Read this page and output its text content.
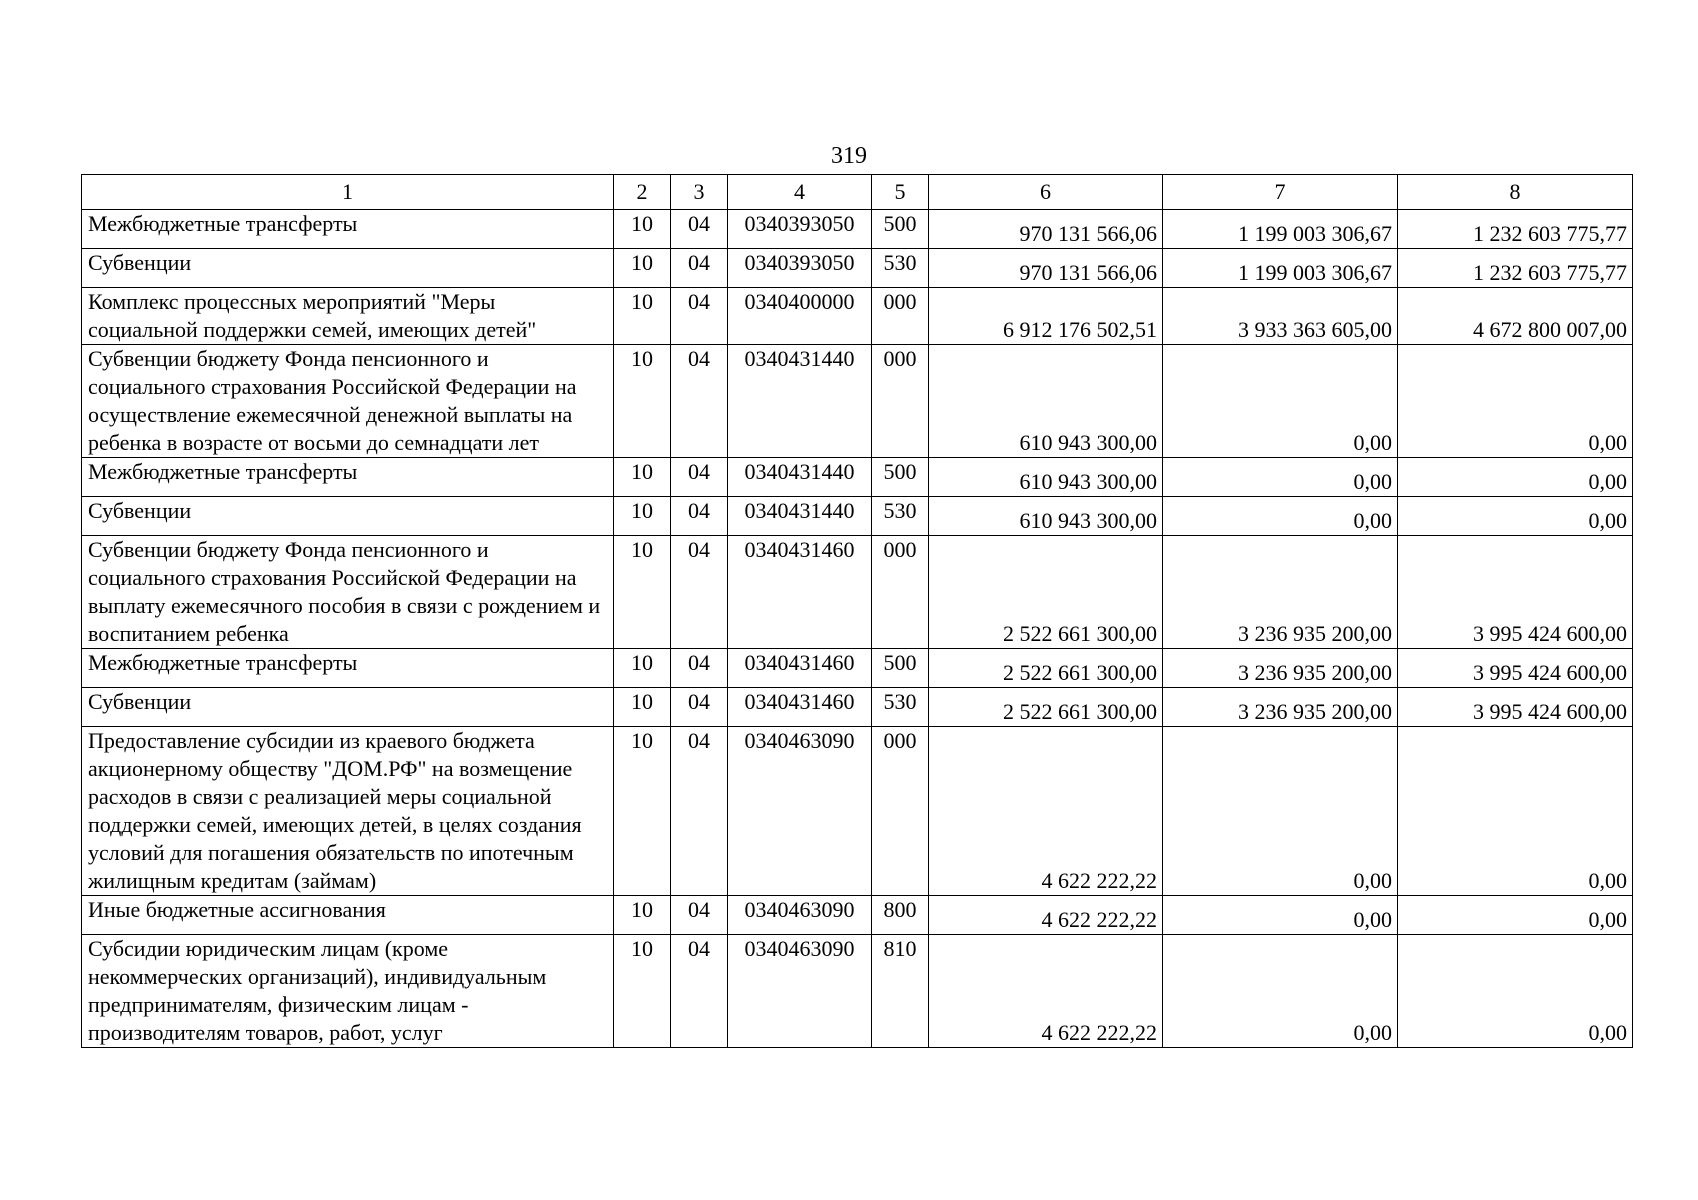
319
1	2	3	4	5	6	7	8
Межбюджетные трансферты	10	04	0340393050	500	970 131 566,06	1 199 003 306,67	1 232 603 775,77
Субвенции	10	04	0340393050	530	970 131 566,06	1 199 003 306,67	1 232 603 775,77
Комплекс процессных мероприятий "Меры социальной поддержки семей, имеющих детей"	10	04	0340400000	000	6 912 176 502,51	3 933 363 605,00	4 672 800 007,00
Субвенции бюджету Фонда пенсионного и социального страхования Российской Федерации на осуществление ежемесячной денежной выплаты на ребенка в возрасте от восьми до семнадцати лет	10	04	0340431440	000	610 943 300,00	0,00	0,00
Межбюджетные трансферты	10	04	0340431440	500	610 943 300,00	0,00	0,00
Субвенции	10	04	0340431440	530	610 943 300,00	0,00	0,00
Субвенции бюджету Фонда пенсионного и социального страхования Российской Федерации на выплату ежемесячного пособия в связи с рождением и воспитанием ребенка	10	04	0340431460	000	2 522 661 300,00	3 236 935 200,00	3 995 424 600,00
Межбюджетные трансферты	10	04	0340431460	500	2 522 661 300,00	3 236 935 200,00	3 995 424 600,00
Субвенции	10	04	0340431460	530	2 522 661 300,00	3 236 935 200,00	3 995 424 600,00
Предоставление субсидии из краевого бюджета акционерному обществу "ДОМ.РФ" на возмещение расходов в связи с реализацией меры социальной поддержки семей, имеющих детей, в целях создания условий для погашения обязательств по ипотечным жилищным кредитам (займам)	10	04	0340463090	000	4 622 222,22	0,00	0,00
Иные бюджетные ассигнования	10	04	0340463090	800	4 622 222,22	0,00	0,00
Субсидии юридическим лицам (кроме некоммерческих организаций), индивидуальным предпринимателям, физическим лицам - производителям товаров, работ, услуг	10	04	0340463090	810	4 622 222,22	0,00	0,00
